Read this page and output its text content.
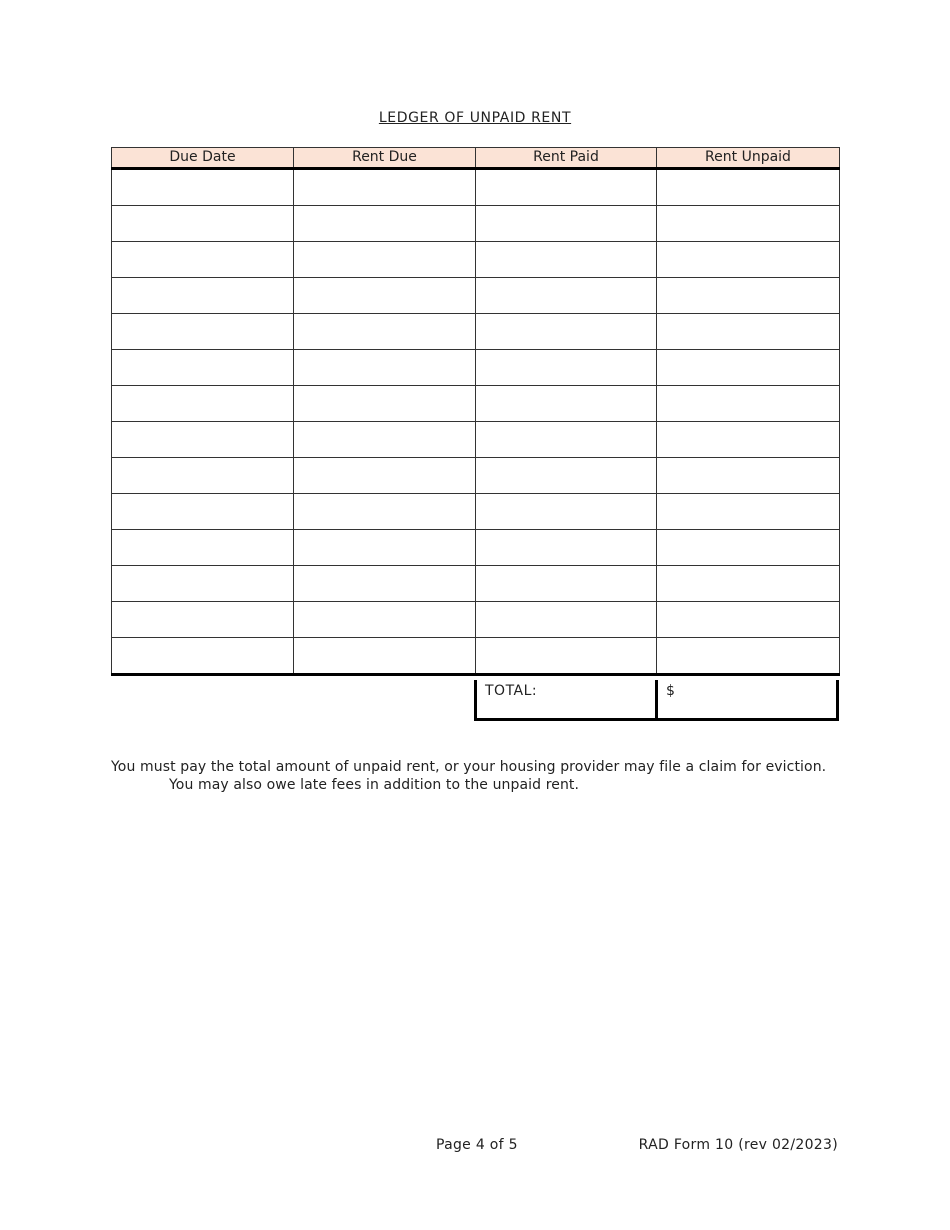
LEDGER OF UNPAID RENT
Due Date	Rent Due	Rent Paid	Rent Unpaid

TOTAL:	$
You must pay the total amount of unpaid rent, or your housing provider may file a claim for eviction. You may also owe late fees in addition to the unpaid rent.
Page 4 of 5	RAD Form 10 (rev 02/2023)
